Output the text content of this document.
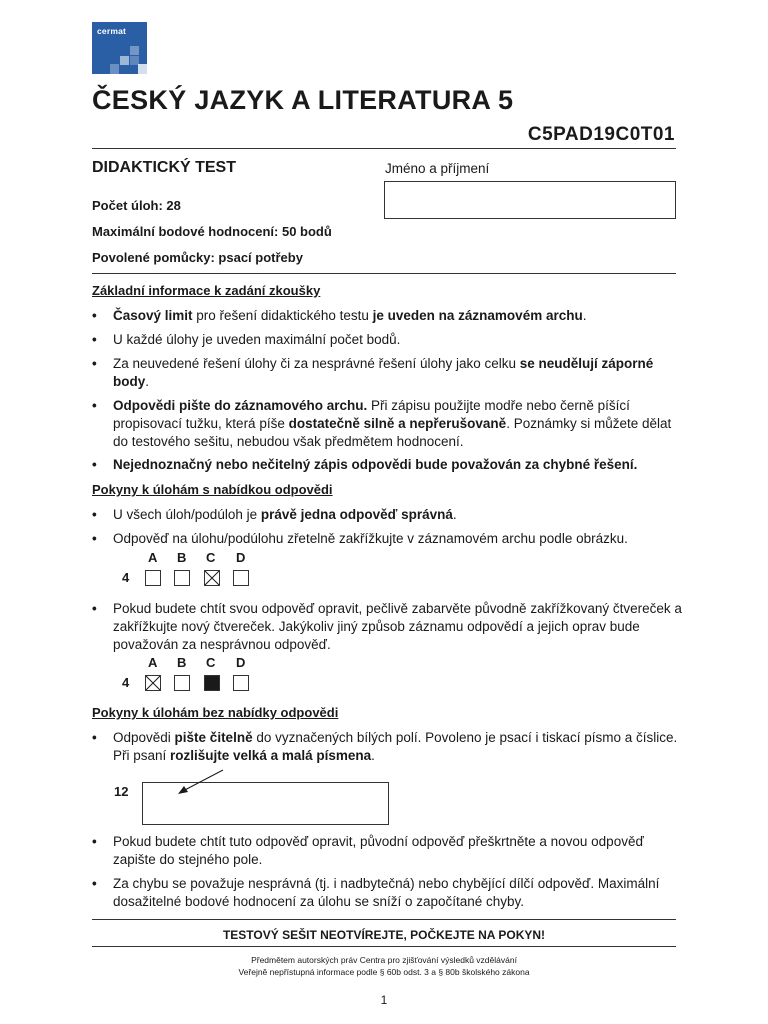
cermat
ČESKÝ JAZYK A LITERATURA 5
C5PAD19C0T01
DIDAKTICKÝ TEST	Jméno a příjmení
Počet úloh: 28
Maximální bodové hodnocení: 50 bodů
Povolené pomůcky: psací potřeby
Základní informace k zadání zkoušky
• Časový limit pro řešení didaktického testu je uveden na záznamovém archu.
• U každé úlohy je uveden maximální počet bodů.
• Za neuvedené řešení úlohy či za nesprávné řešení úlohy jako celku se neudělují záporné body.
• Odpovědi pište do záznamového archu. Při zápisu použijte modře nebo černě píšící propisovací tužku, která píše dostatečně silně a nepřerušovaně. Poznámky si můžete dělat do testového sešitu, nebudou však předmětem hodnocení.
• Nejednoznačný nebo nečitelný zápis odpovědi bude považován za chybné řešení.
Pokyny k úlohám s nabídkou odpovědi
• U všech úloh/podúloh je právě jedna odpověď správná.
• Odpověď na úlohu/podúlohu zřetelně zakřížkujte v záznamovém archu podle obrázku.
A B C D
4
• Pokud budete chtít svou odpověď opravit, pečlivě zabarvěte původně zakřížkovaný čtvereček a zakřížkujte nový čtvereček. Jakýkoliv jiný způsob záznamu odpovědí a jejich oprav bude považován za nesprávnou odpověď.
A B C D
4
Pokyny k úlohám bez nabídky odpovědi
• Odpovědi pište čitelně do vyznačených bílých polí. Povoleno je psací i tiskací písmo a číslice. Při psaní rozlišujte velká a malá písmena.
12
• Pokud budete chtít tuto odpověď opravit, původní odpověď přeškrtněte a novou odpověď zapište do stejného pole.
• Za chybu se považuje nesprávná (tj. i nadbytečná) nebo chybějící dílčí odpověď. Maximální dosažitelné bodové hodnocení za úlohu se sníží o započítané chyby.
TESTOVÝ SEŠIT NEOTVÍREJTE, POČKEJTE NA POKYN!
Předmětem autorských práv Centra pro zjišťování výsledků vzdělávání
Veřejně nepřístupná informace podle § 60b odst. 3 a § 80b školského zákona
1
